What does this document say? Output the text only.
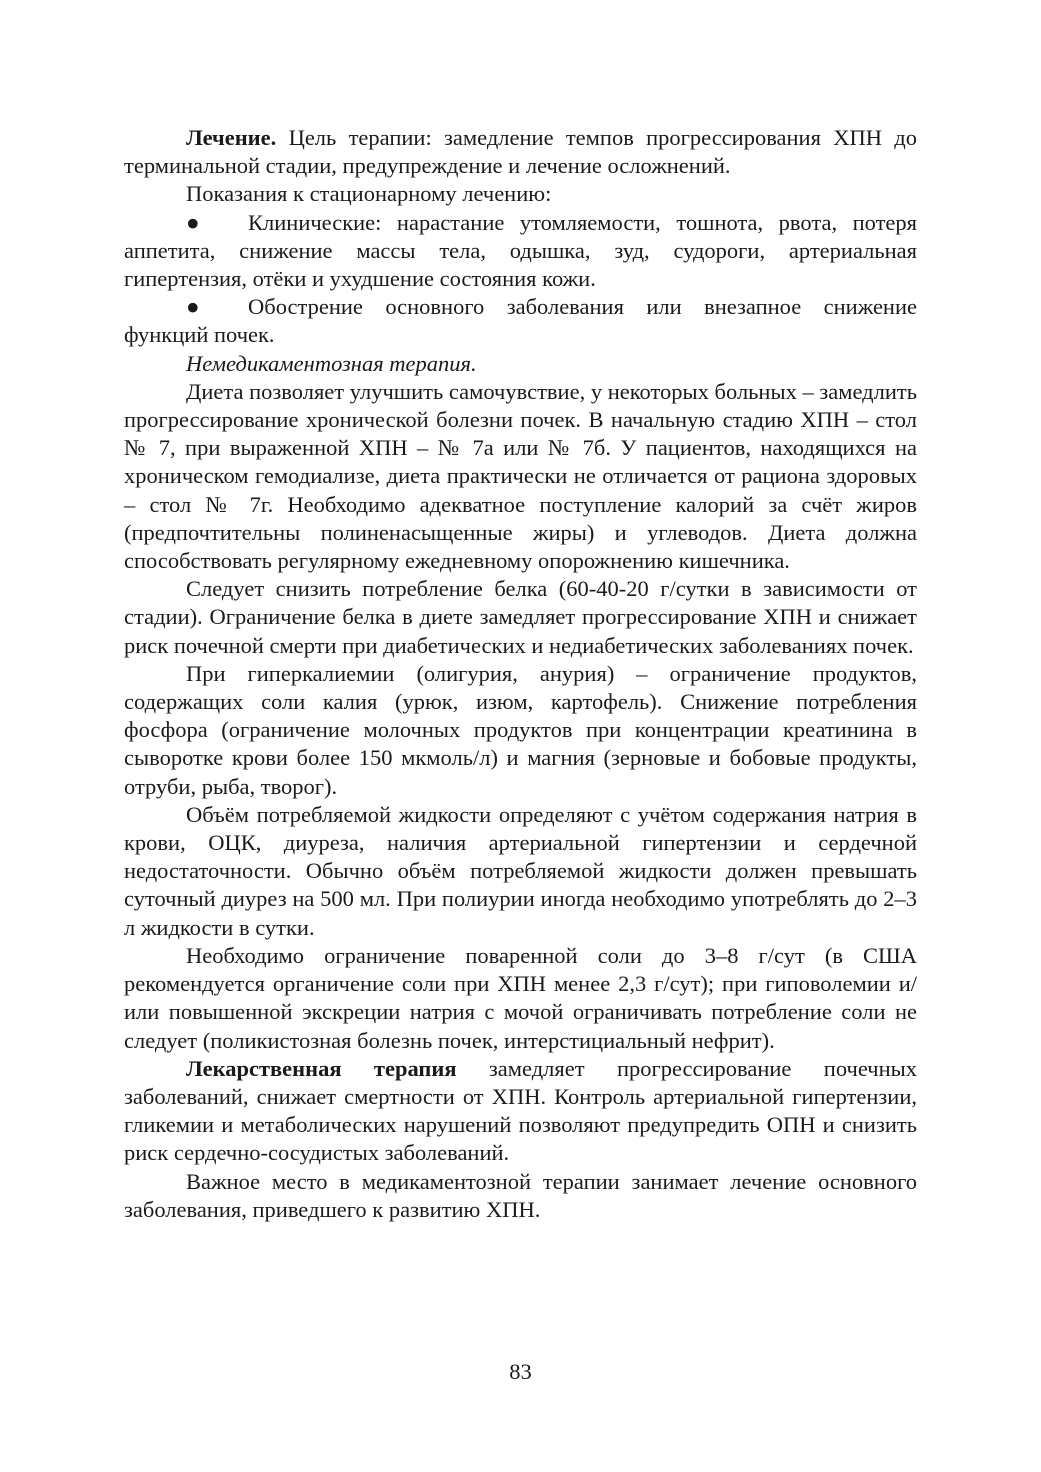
Лечение. Цель терапии: замедление темпов прогрессирования ХПН до терминальной стадии, предупреждение и лечение осложнений.

Показания к стационарному лечению:

● Клинические: нарастание утомляемости, тошнота, рвота, потеря аппетита, снижение массы тела, одышка, зуд, судороги, артериальная гипертензия, отёки и ухудшение состояния кожи.

● Обострение основного заболевания или внезапное снижение функций почек.

Немедикаментозная терапия.

Диета позволяет улучшить самочувствие, у некоторых больных – замедлить прогрессирование хронической болезни почек. В начальную стадию ХПН – стол № 7, при выраженной ХПН – № 7а или № 7б. У пациентов, находящихся на хроническом гемодиализе, диета практически не отличается от рациона здоровых – стол № 7г. Необходимо адекватное поступление калорий за счёт жиров (предпочтительны полиненасыщенные жиры) и углеводов. Диета должна способствовать регулярному ежедневному опорожнению кишечника.

Следует снизить потребление белка (60-40-20 г/сутки в зависимости от стадии). Ограничение белка в диете замедляет прогрессирование ХПН и снижает риск почечной смерти при диабетических и недиабетических заболеваниях почек.

При гиперкалиемии (олигурия, анурия) – ограничение продуктов, содержащих соли калия (урюк, изюм, картофель). Снижение потребления фосфора (ограничение молочных продуктов при концентрации креатинина в сыворотке крови более 150 мкмоль/л) и магния (зерновые и бобовые продукты, отруби, рыба, творог).

Объём потребляемой жидкости определяют с учётом содержания натрия в крови, ОЦК, диуреза, наличия артериальной гипертензии и сердечной недостаточности. Обычно объём потребляемой жидкости должен превышать суточный диурез на 500 мл. При полиурии иногда необходимо употреблять до 2–3 л жидкости в сутки.

Необходимо ограничение поваренной соли до 3–8 г/сут (в США рекомендуется органичение соли при ХПН менее 2,3 г/сут); при гиповолемии и/или повышенной экскреции натрия с мочой ограничивать потребление соли не следует (поликистозная болезнь почек, интерстициальный нефрит).

Лекарственная терапия замедляет прогрессирование почечных заболеваний, снижает смертности от ХПН. Контроль артериальной гипертензии, гликемии и метаболических нарушений позволяют предупредить ОПН и снизить риск сердечно-сосудистых заболеваний.

Важное место в медикаментозной терапии занимает лечение основного заболевания, приведшего к развитию ХПН.

83
